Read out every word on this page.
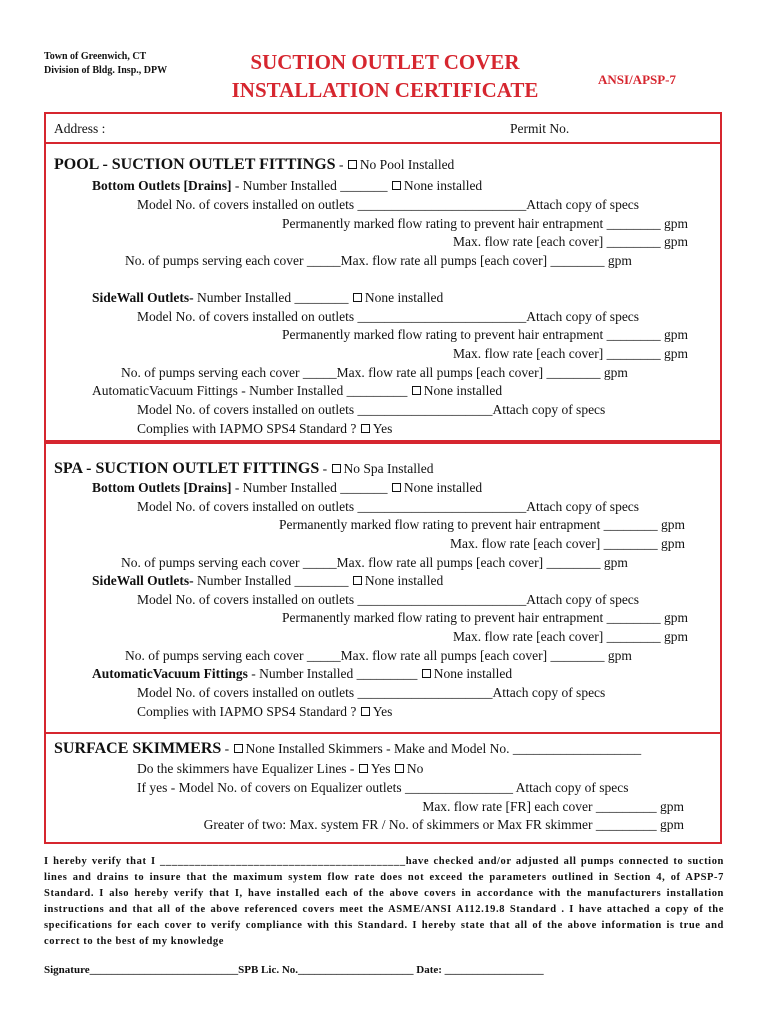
Town of Greenwich, CT
Division of Bldg. Insp., DPW	SUCTION OUTLET COVER
INSTALLATION CERTIFICATE	ANSI/APSP-7
Address :	Permit No.
POOL - SUCTION OUTLET FITTINGS - No Pool Installed
Bottom Outlets [Drains] - Number Installed _______ None installed
Model No. of covers installed on outlets _________________________Attach copy of specs
Permanently marked flow rating to prevent hair entrapment ________ gpm
Max. flow rate [each cover] ________ gpm
No. of pumps serving each cover _____Max. flow rate all pumps [each cover] ________ gpm
SideWall Outlets- Number Installed ________ None installed
Model No. of covers installed on outlets _________________________Attach copy of specs
Permanently marked flow rating to prevent hair entrapment ________ gpm
Max. flow rate [each cover] ________ gpm
No. of pumps serving each cover _____Max. flow rate all pumps [each cover] ________ gpm
AutomaticVacuum Fittings - Number Installed _________ None installed
Model No. of covers installed on outlets ____________________Attach copy of specs
Complies with IAPMO SPS4 Standard ? Yes
SPA - SUCTION OUTLET FITTINGS - No Spa Installed
Bottom Outlets [Drains] - Number Installed _______ None installed
Model No. of covers installed on outlets _________________________Attach copy of specs
Permanently marked flow rating to prevent hair entrapment ________ gpm
Max. flow rate [each cover] ________ gpm
No. of pumps serving each cover _____Max. flow rate all pumps [each cover] ________ gpm
SideWall Outlets- Number Installed ________ None installed
Model No. of covers installed on outlets _________________________Attach copy of specs
Permanently marked flow rating to prevent hair entrapment ________ gpm
Max. flow rate [each cover] ________ gpm
No. of pumps serving each cover _____Max. flow rate all pumps [each cover] ________ gpm
AutomaticVacuum Fittings - Number Installed _________ None installed
Model No. of covers installed on outlets ____________________Attach copy of specs
Complies with IAPMO SPS4 Standard ? Yes
SURFACE SKIMMERS - None Installed Skimmers - Make and Model No. ___________________
Do the skimmers have Equalizer Lines - Yes No
If yes - Model No. of covers on Equalizer outlets ________________ Attach copy of specs
Max. flow rate [FR] each cover _________ gpm
Greater of two: Max. system FR / No. of skimmers or Max FR skimmer _________ gpm
I hereby verify that I __________________________________________have checked and/or adjusted all pumps connected to suction lines and drains to insure that the maximum system flow rate does not exceed the parameters outlined in Section 4, of APSP-7 Standard. I also hereby verify that I, have installed each of the above covers in accordance with the manufacturers installation instructions and that all of the above referenced covers meet the ASME/ANSI A112.19.8 Standard . I have attached a copy of the specifications for each cover to verify compliance with this Standard. I hereby state that all of the above information is true and correct to the best of my knowledge
Signature___________________________SPB Lic. No._____________________ Date: __________________
